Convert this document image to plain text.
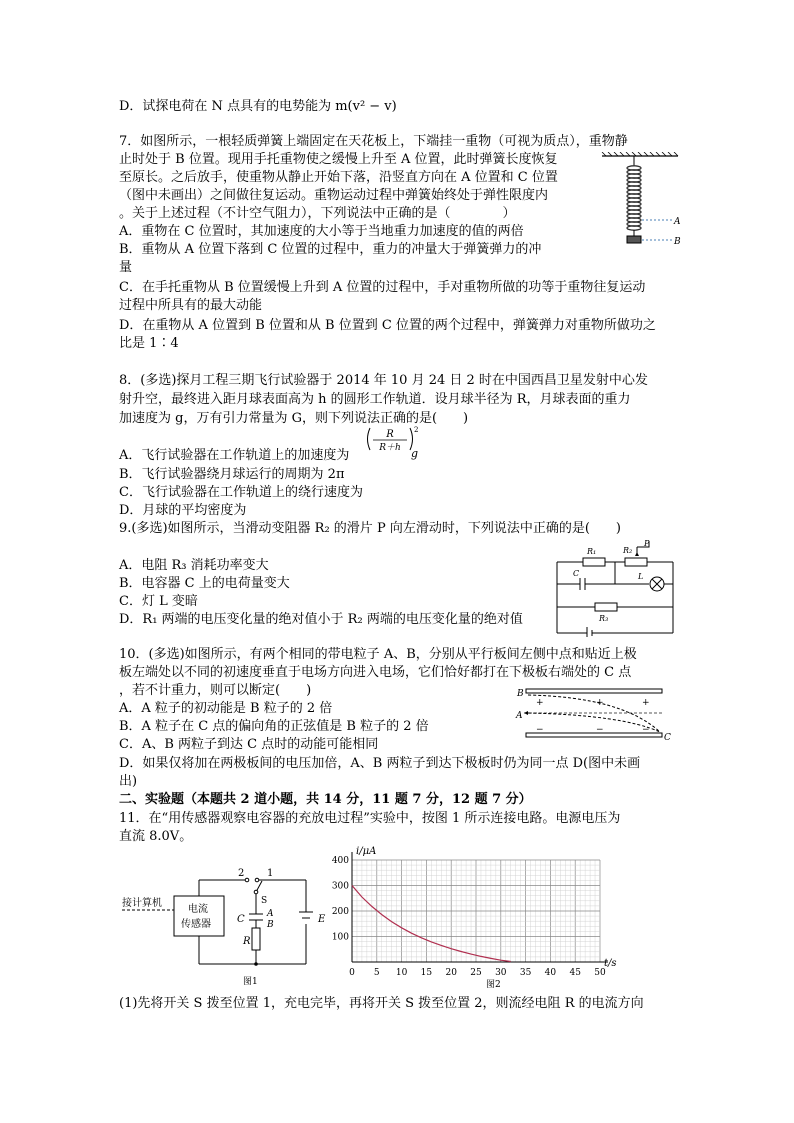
D．试探电荷在 N 点具有的电势能为 m(v² − v)
7．如图所示，一根轻质弹簧上端固定在天花板上，下端挂一重物（可视为质点），重物静
止时处于 B 位置。现用手托重物使之缓慢上升至 A 位置，此时弹簧长度恢复
至原长。之后放手，使重物从静止开始下落，沿竖直方向在 A 位置和 C 位置
（图中未画出）之间做往复运动。重物运动过程中弹簧始终处于弹性限度内
。关于上述过程（不计空气阻力），下列说法中正确的是（　　　　）
A．重物在 C 位置时，其加速度的大小等于当地重力加速度的值的两倍
B．重物从 A 位置下落到 C 位置的过程中，重力的冲量大于弹簧弹力的冲
量
C．在手托重物从 B 位置缓慢上升到 A 位置的过程中，手对重物所做的功等于重物往复运动
过程中所具有的最大动能
D．在重物从 A 位置到 B 位置和从 B 位置到 C 位置的两个过程中，弹簧弹力对重物所做功之
比是 1∶4
A
B
8．(多选)探月工程三期飞行试验器于 2014 年 10 月 24 日 2 时在中国西昌卫星发射中心发
射升空，最终进入距月球表面高为 h 的圆形工作轨道．设月球半径为 R，月球表面的重力
加速度为 g，万有引力常量为 G，则下列说法正确的是(　　)
A．飞行试验器在工作轨道上的加速度为
R
R＋h
2
g
B．飞行试验器绕月球运行的周期为 2π
C．飞行试验器在工作轨道上的绕行速度为
D．月球的平均密度为
9.(多选)如图所示，当滑动变阻器 R₂ 的滑片 P 向左滑动时，下列说法中正确的是(　　)
A．电阻 R₃ 消耗功率变大
B．电容器 C 上的电荷量变大
C．灯 L 变暗
D．R₁ 两端的电压变化量的绝对值小于 R₂ 两端的电压变化量的绝对值
R₁	R₂
P
C	L
R₃
10．(多选)如图所示，有两个相同的带电粒子 A、B，分别从平行板间左侧中点和贴近上极
板左端处以不同的初速度垂直于电场方向进入电场，它们恰好都打在下极板右端处的 C 点
，若不计重力，则可以断定(　　)
A．A 粒子的初动能是 B 粒子的 2 倍
B．A 粒子在 C 点的偏向角的正弦值是 B 粒子的 2 倍
C．A、B 两粒子到达 C 点时的动能可能相同
D．如果仅将加在两极板间的电压加倍，A、B 两粒子到达下极板时仍为同一点 D(图中未画
出)
B
A
C
+	+	+
−	−	−
二、实验题（本题共 2 道小题，共 14 分，11 题 7 分，12 题 7 分）
11．在“用传感器观察电容器的充放电过程”实验中，按图 1 所示连接电路。电源电压为
直流 8.0V。
接计算机
电流
传感器
2 1
S
C A
B
R
E
图1
0 5 10 15 20 25 30 35 40 45 50
100
200
300
400
i/μA
t/s
图2
(1)先将开关 S 拨至位置 1，充电完毕，再将开关 S 拨至位置 2，则流经电阻 R 的电流方向
